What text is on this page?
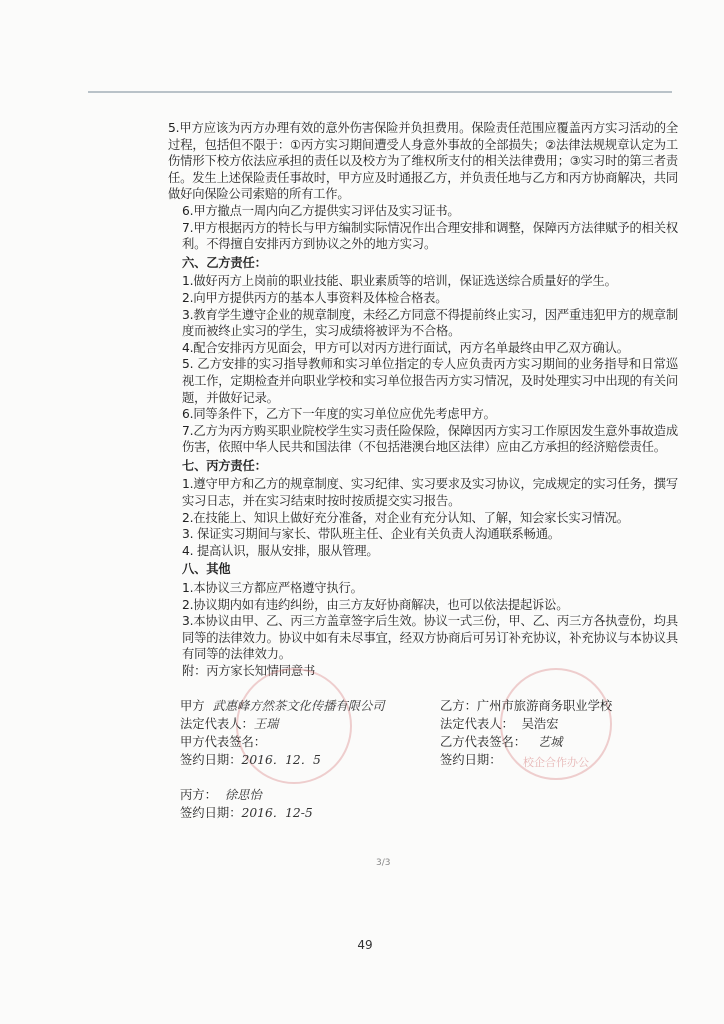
5.甲方应该为丙方办理有效的意外伤害保险并负担费用。保险责任范围应覆盖丙方实习活动的全过程，包括但不限于：①丙方实习期间遭受人身意外事故的全部损失；②法律法规规章认定为工伤情形下校方依法应承担的责任以及校方为了维权所支付的相关法律费用；③实习时的第三者责任。发生上述保险责任事故时，甲方应及时通报乙方，并负责任地与乙方和丙方协商解决，共同做好向保险公司索赔的所有工作。

6.甲方撤点一周内向乙方提供实习评估及实习证书。

7.甲方根据丙方的特长与甲方编制实际情况作出合理安排和调整，保障丙方法律赋予的相关权利。不得擅自安排丙方到协议之外的地方实习。

六、乙方责任：

1.做好丙方上岗前的职业技能、职业素质等的培训，保证选送综合质量好的学生。

2.向甲方提供丙方的基本人事资料及体检合格表。

3.教育学生遵守企业的规章制度，未经乙方同意不得提前终止实习，因严重违犯甲方的规章制度而被终止实习的学生，实习成绩将被评为不合格。

4.配合安排丙方见面会，甲方可以对丙方进行面试，丙方名单最终由甲乙双方确认。

5. 乙方安排的实习指导教师和实习单位指定的专人应负责丙方实习期间的业务指导和日常巡视工作，定期检查并向职业学校和实习单位报告丙方实习情况，及时处理实习中出现的有关问题，并做好记录。

6.同等条件下，乙方下一年度的实习单位应优先考虑甲方。

7.乙方为丙方购买职业院校学生实习责任险保险，保障因丙方实习工作原因发生意外事故造成伤害，依照中华人民共和国法律（不包括港澳台地区法律）应由乙方承担的经济赔偿责任。

七、丙方责任：

1.遵守甲方和乙方的规章制度、实习纪律、实习要求及实习协议，完成规定的实习任务，撰写实习日志，并在实习结束时按时按质提交实习报告。

2.在技能上、知识上做好充分准备，对企业有充分认知、了解，知会家长实习情况。

3. 保证实习期间与家长、带队班主任、企业有关负责人沟通联系畅通。

4. 提高认识，服从安排，服从管理。

八、其他

1.本协议三方都应严格遵守执行。

2.协议期内如有违约纠纷，由三方友好协商解决，也可以依法提起诉讼。

3.本协议由甲、乙、丙三方盖章签字后生效。协议一式三份，甲、乙、丙三方各执壹份，均具同等的法律效力。协议中如有未尽事宜，经双方协商后可另订补充协议，补充协议与本协议具有同等的法律效力。

附：丙方家长知情同意书

校企合作办公
甲方 武惠峰方然茶文化传播有限公司
法定代表人：王瑞
甲方代表签名：
签约日期：2016．12．5
乙方：广州市旅游商务职业学校
法定代表人： 吴浩宏
乙方代表签名： 艺城
签约日期：
丙方： 徐思怡
签约日期：2016．12-5
3/3
49
